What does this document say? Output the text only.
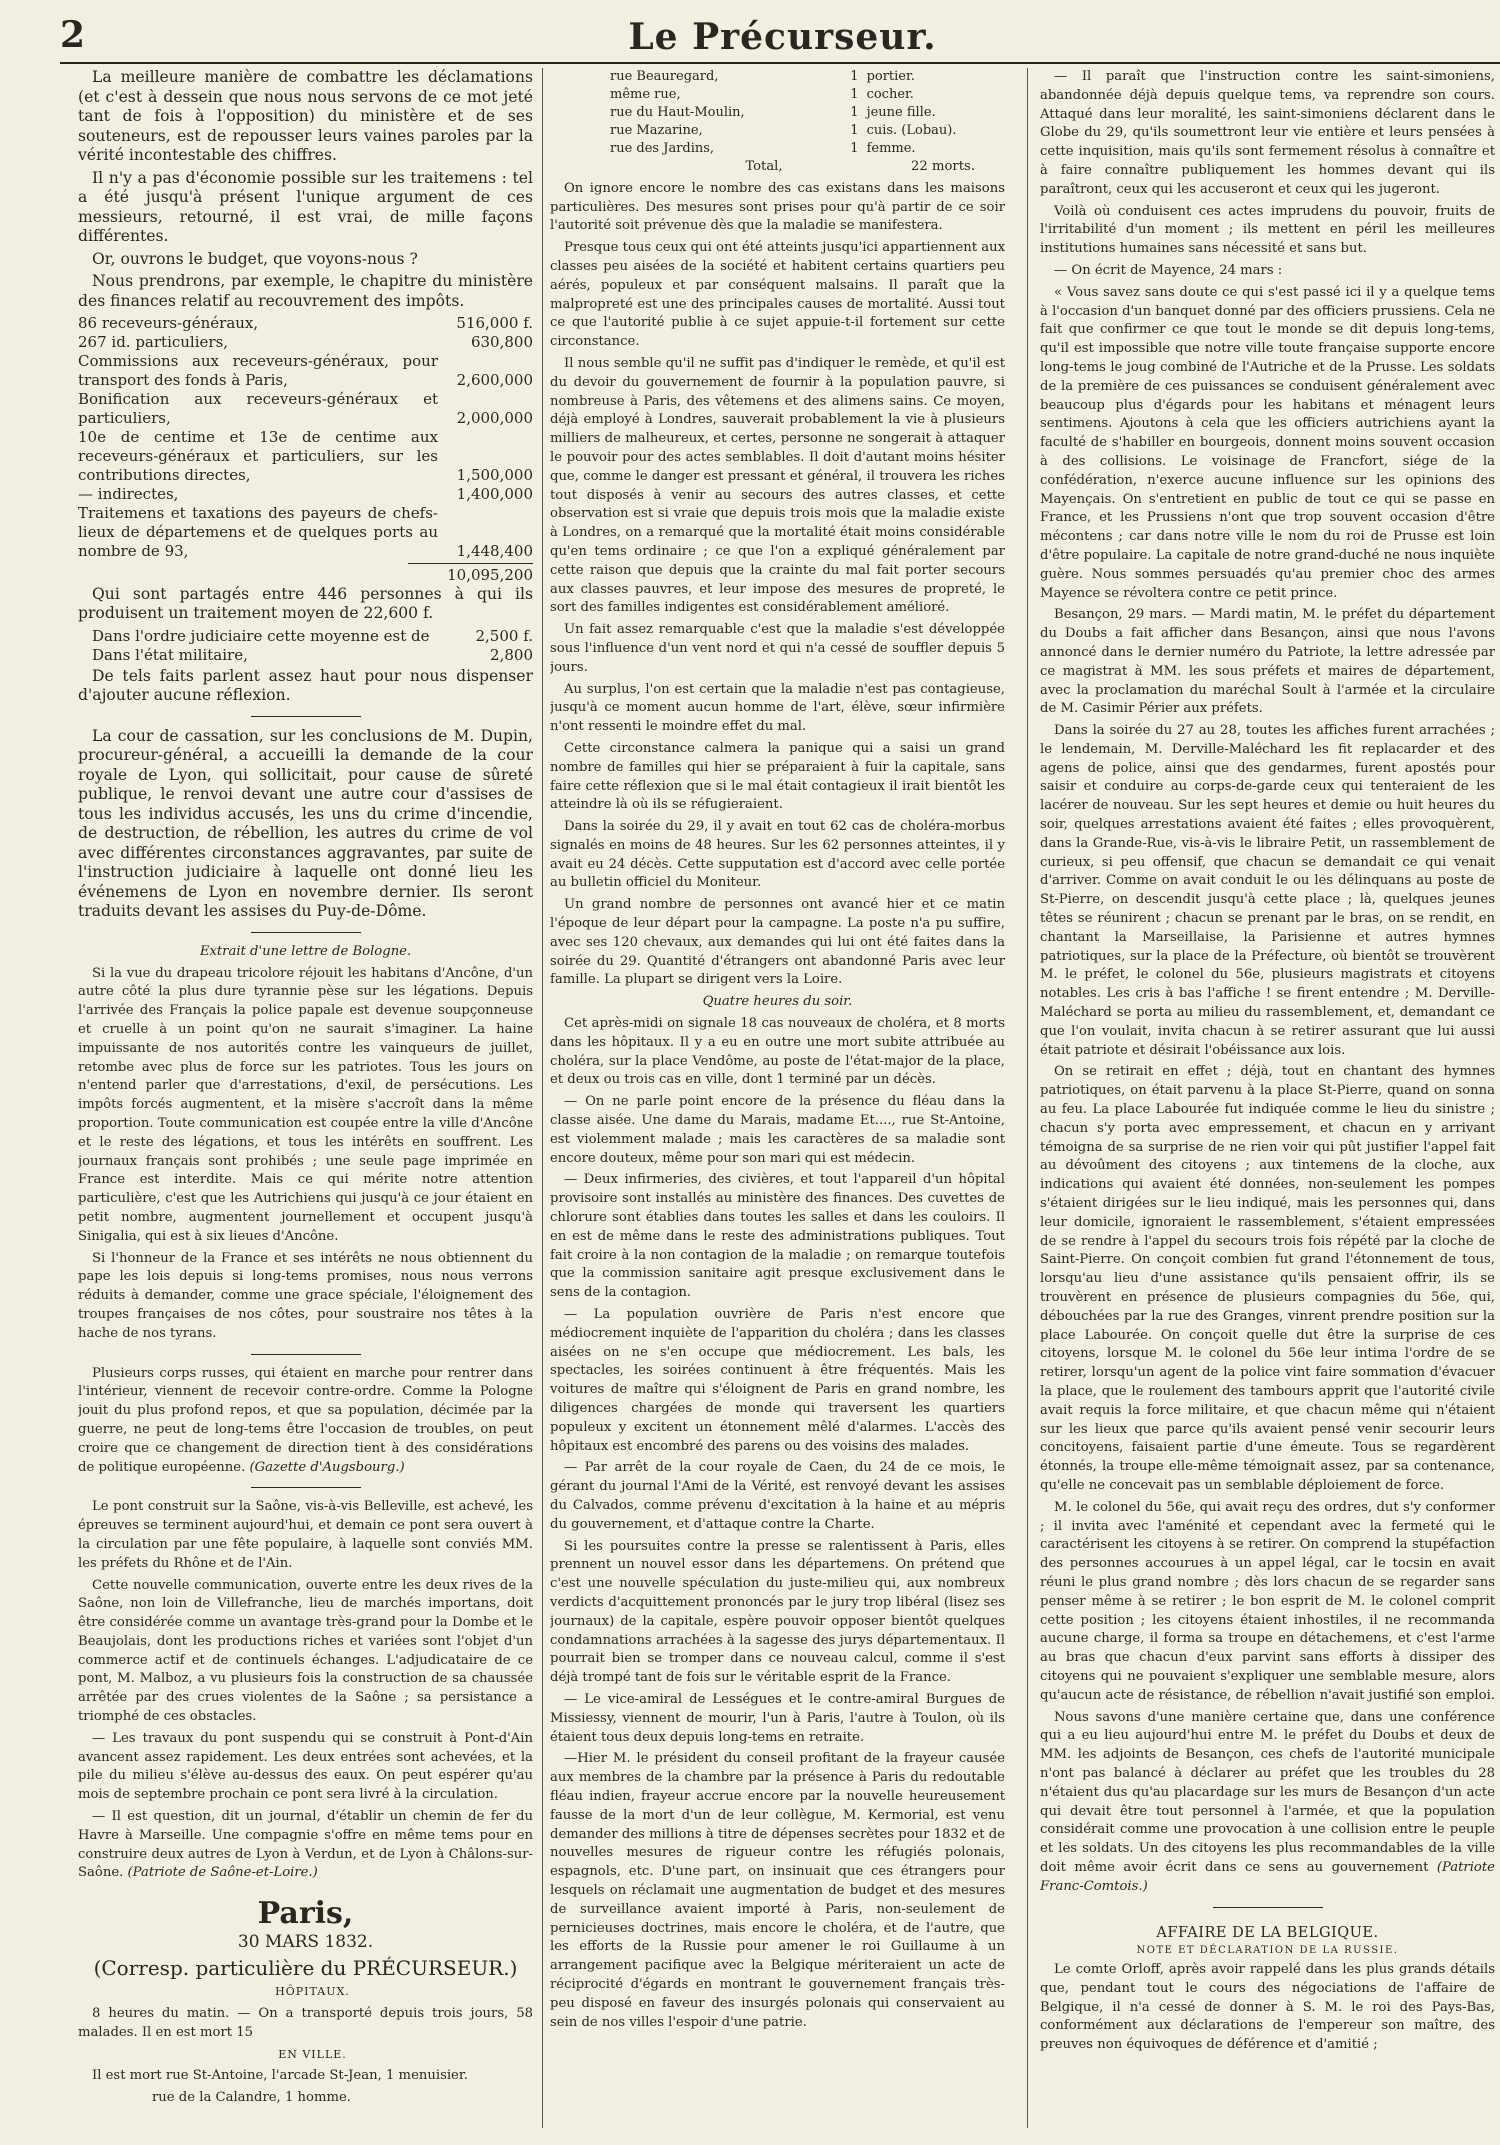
2	Le Précurseur.

La meilleure manière de combattre les déclamations (et c'est à dessein que nous nous servons de ce mot jeté tant de fois à l'opposition) du ministère et de ses souteneurs, est de repousser leurs vaines paroles par la vérité incontestable des chiffres.

Il n'y a pas d'économie possible sur les traitemens : tel a été jusqu'à présent l'unique argument de ces messieurs, retourné, il est vrai, de mille façons différentes.

Or, ouvrons le budget, que voyons-nous ?

Nous prendrons, par exemple, le chapitre du ministère des finances relatif au recouvrement des impôts.

86 receveurs-généraux,	516,000 f.
267 id. particuliers,	630,800
Commissions aux receveurs-généraux, pour transport des fonds à Paris,	2,600,000
Bonification aux receveurs-généraux et particuliers,	2,000,000
10e de centime et 13e de centime aux receveurs-généraux et particuliers, sur les contributions directes,	1,500,000
— indirectes,	1,400,000
Traitemens et taxations des payeurs de chefs-lieux de départemens et de quelques ports au nombre de 93,	1,448,400
10,095,200

Qui sont partagés entre 446 personnes à qui ils produisent un traitement moyen de 22,600 f.

Dans l'ordre judiciaire cette moyenne est de	2,500 f.
Dans l'état militaire,	2,800

De tels faits parlent assez haut pour nous dispenser d'ajouter aucune réflexion.

La cour de cassation, sur les conclusions de M. Dupin, procureur-général, a accueilli la demande de la cour royale de Lyon, qui sollicitait, pour cause de sûreté publique, le renvoi devant une autre cour d'assises de tous les individus accusés, les uns du crime d'incendie, de destruction, de rébellion, les autres du crime de vol avec différentes circonstances aggravantes, par suite de l'instruction judiciaire à laquelle ont donné lieu les événemens de Lyon en novembre dernier. Ils seront traduits devant les assises du Puy-de-Dôme.

Extrait d'une lettre de Bologne.

Si la vue du drapeau tricolore réjouit les habitans d'Ancône, d'un autre côté la plus dure tyrannie pèse sur les légations. Depuis l'arrivée des Français la police papale est devenue soupçonneuse et cruelle à un point qu'on ne saurait s'imaginer. La haine impuissante de nos autorités contre les vainqueurs de juillet, retombe avec plus de force sur les patriotes. Tous les jours on n'entend parler que d'arrestations, d'exil, de persécutions. Les impôts forcés augmentent, et la misère s'accroît dans la même proportion. Toute communication est coupée entre la ville d'Ancône et le reste des légations, et tous les intérêts en souffrent. Les journaux français sont prohibés ; une seule page imprimée en France est interdite. Mais ce qui mérite notre attention particulière, c'est que les Autrichiens qui jusqu'à ce jour étaient en petit nombre, augmentent journellement et occupent jusqu'à Sinigalia, qui est à six lieues d'Ancône.

Si l'honneur de la France et ses intérêts ne nous obtiennent du pape les lois depuis si long-tems promises, nous nous verrons réduits à demander, comme une grace spéciale, l'éloignement des troupes françaises de nos côtes, pour soustraire nos têtes à la hache de nos tyrans.

Plusieurs corps russes, qui étaient en marche pour rentrer dans l'intérieur, viennent de recevoir contre-ordre. Comme la Pologne jouit du plus profond repos, et que sa population, décimée par la guerre, ne peut de long-tems être l'occasion de troubles, on peut croire que ce changement de direction tient à des considérations de politique européenne. (Gazette d'Augsbourg.)

Le pont construit sur la Saône, vis-à-vis Belleville, est achevé, les épreuves se terminent aujourd'hui, et demain ce pont sera ouvert à la circulation par une fête populaire, à laquelle sont conviés MM. les préfets du Rhône et de l'Ain.

Cette nouvelle communication, ouverte entre les deux rives de la Saône, non loin de Villefranche, lieu de marchés importans, doit être considérée comme un avantage très-grand pour la Dombe et le Beaujolais, dont les productions riches et variées sont l'objet d'un commerce actif et de continuels échanges. L'adjudicataire de ce pont, M. Malboz, a vu plusieurs fois la construction de sa chaussée arrêtée par des crues violentes de la Saône ; sa persistance a triomphé de ces obstacles.

— Les travaux du pont suspendu qui se construit à Pont-d'Ain avancent assez rapidement. Les deux entrées sont achevées, et la pile du milieu s'élève au-dessus des eaux. On peut espérer qu'au mois de septembre prochain ce pont sera livré à la circulation.

— Il est question, dit un journal, d'établir un chemin de fer du Havre à Marseille. Une compagnie s'offre en même tems pour en construire deux autres de Lyon à Verdun, et de Lyon à Châlons-sur-Saône. (Patriote de Saône-et-Loire.)

Paris,
30 MARS 1832.
(Corresp. particulière du PRÉCURSEUR.)

HÔPITAUX.

8 heures du matin. — On a transporté depuis trois jours, 58 malades. Il en est mort 15

EN VILLE.

Il est mort rue St-Antoine, l'arcade St-Jean, 1 menuisier.

rue de la Calandre, 1 homme.

rue Beauregard,	1	portier.
même rue,	1	cocher.
rue du Haut-Moulin,	1	jeune fille.
rue Mazarine,	1	cuis. (Lobau).
rue des Jardins,	1	femme.

Total,	22 morts.

On ignore encore le nombre des cas existans dans les maisons particulières. Des mesures sont prises pour qu'à partir de ce soir l'autorité soit prévenue dès que la maladie se manifestera.

Presque tous ceux qui ont été atteints jusqu'ici appartiennent aux classes peu aisées de la société et habitent certains quartiers peu aérés, populeux et par conséquent malsains. Il paraît que la malpropreté est une des principales causes de mortalité. Aussi tout ce que l'autorité publie à ce sujet appuie-t-il fortement sur cette circonstance.

Il nous semble qu'il ne suffit pas d'indiquer le remède, et qu'il est du devoir du gouvernement de fournir à la population pauvre, si nombreuse à Paris, des vêtemens et des alimens sains. Ce moyen, déjà employé à Londres, sauverait probablement la vie à plusieurs milliers de malheureux, et certes, personne ne songerait à attaquer le pouvoir pour des actes semblables. Il doit d'autant moins hésiter que, comme le danger est pressant et général, il trouvera les riches tout disposés à venir au secours des autres classes, et cette observation est si vraie que depuis trois mois que la maladie existe à Londres, on a remarqué que la mortalité était moins considérable qu'en tems ordinaire ; ce que l'on a expliqué généralement par cette raison que depuis que la crainte du mal fait porter secours aux classes pauvres, et leur impose des mesures de propreté, le sort des familles indigentes est considérablement amélioré.

Un fait assez remarquable c'est que la maladie s'est développée sous l'influence d'un vent nord et qui n'a cessé de souffler depuis 5 jours.

Au surplus, l'on est certain que la maladie n'est pas contagieuse, jusqu'à ce moment aucun homme de l'art, élève, sœur infirmière n'ont ressenti le moindre effet du mal.

Cette circonstance calmera la panique qui a saisi un grand nombre de familles qui hier se préparaient à fuir la capitale, sans faire cette réflexion que si le mal était contagieux il irait bientôt les atteindre là où ils se réfugieraient.

Dans la soirée du 29, il y avait en tout 62 cas de choléra-morbus signalés en moins de 48 heures. Sur les 62 personnes atteintes, il y avait eu 24 décès. Cette supputation est d'accord avec celle portée au bulletin officiel du Moniteur.

Un grand nombre de personnes ont avancé hier et ce matin l'époque de leur départ pour la campagne. La poste n'a pu suffire, avec ses 120 chevaux, aux demandes qui lui ont été faites dans la soirée du 29. Quantité d'étrangers ont abandonné Paris avec leur famille. La plupart se dirigent vers la Loire.

Quatre heures du soir.

Cet après-midi on signale 18 cas nouveaux de choléra, et 8 morts dans les hôpitaux. Il y a eu en outre une mort subite attribuée au choléra, sur la place Vendôme, au poste de l'état-major de la place, et deux ou trois cas en ville, dont 1 terminé par un décès.

— On ne parle point encore de la présence du fléau dans la classe aisée. Une dame du Marais, madame Et...., rue St-Antoine, est violemment malade ; mais les caractères de sa maladie sont encore douteux, même pour son mari qui est médecin.

— Deux infirmeries, des civières, et tout l'appareil d'un hôpital provisoire sont installés au ministère des finances. Des cuvettes de chlorure sont établies dans toutes les salles et dans les couloirs. Il en est de même dans le reste des administrations publiques. Tout fait croire à la non contagion de la maladie ; on remarque toutefois que la commission sanitaire agit presque exclusivement dans le sens de la contagion.

— La population ouvrière de Paris n'est encore que médiocrement inquiète de l'apparition du choléra ; dans les classes aisées on ne s'en occupe que médiocrement. Les bals, les spectacles, les soirées continuent à être fréquentés. Mais les voitures de maître qui s'éloignent de Paris en grand nombre, les diligences chargées de monde qui traversent les quartiers populeux y excitent un étonnement mêlé d'alarmes. L'accès des hôpitaux est encombré des parens ou des voisins des malades.

— Par arrêt de la cour royale de Caen, du 24 de ce mois, le gérant du journal l'Ami de la Vérité, est renvoyé devant les assises du Calvados, comme prévenu d'excitation à la haine et au mépris du gouvernement, et d'attaque contre la Charte.

Si les poursuites contre la presse se ralentissent à Paris, elles prennent un nouvel essor dans les départemens. On prétend que c'est une nouvelle spéculation du juste-milieu qui, aux nombreux verdicts d'acquittement prononcés par le jury trop libéral (lisez ses journaux) de la capitale, espère pouvoir opposer bientôt quelques condamnations arrachées à la sagesse des jurys départementaux. Il pourrait bien se tromper dans ce nouveau calcul, comme il s'est déjà trompé tant de fois sur le véritable esprit de la France.

— Le vice-amiral de Lességues et le contre-amiral Burgues de Missiessy, viennent de mourir, l'un à Paris, l'autre à Toulon, où ils étaient tous deux depuis long-tems en retraite.

—Hier M. le président du conseil profitant de la frayeur causée aux membres de la chambre par la présence à Paris du redoutable fléau indien, frayeur accrue encore par la nouvelle heureusement fausse de la mort d'un de leur collègue, M. Kermorial, est venu demander des millions à titre de dépenses secrètes pour 1832 et de nouvelles mesures de rigueur contre les réfugiés polonais, espagnols, etc. D'une part, on insinuait que ces étrangers pour lesquels on réclamait une augmentation de budget et des mesures de surveillance avaient importé à Paris, non-seulement de pernicieuses doctrines, mais encore le choléra, et de l'autre, que les efforts de la Russie pour amener le roi Guillaume à un arrangement pacifique avec la Belgique mériteraient un acte de réciprocité d'égards en montrant le gouvernement français très-peu disposé en faveur des insurgés polonais qui conservaient au sein de nos villes l'espoir d'une patrie.

— Il paraît que l'instruction contre les saint-simoniens, abandonnée déjà depuis quelque tems, va reprendre son cours. Attaqué dans leur moralité, les saint-simoniens déclarent dans le Globe du 29, qu'ils soumettront leur vie entière et leurs pensées à cette inquisition, mais qu'ils sont fermement résolus à connaître et à faire connaître publiquement les hommes devant qui ils paraîtront, ceux qui les accuseront et ceux qui les jugeront.

Voilà où conduisent ces actes imprudens du pouvoir, fruits de l'irritabilité d'un moment ; ils mettent en péril les meilleures institutions humaines sans nécessité et sans but.

— On écrit de Mayence, 24 mars :

« Vous savez sans doute ce qui s'est passé ici il y a quelque tems à l'occasion d'un banquet donné par des officiers prussiens. Cela ne fait que confirmer ce que tout le monde se dit depuis long-tems, qu'il est impossible que notre ville toute française supporte encore long-tems le joug combiné de l'Autriche et de la Prusse. Les soldats de la première de ces puissances se conduisent généralement avec beaucoup plus d'égards pour les habitans et ménagent leurs sentimens. Ajoutons à cela que les officiers autrichiens ayant la faculté de s'habiller en bourgeois, donnent moins souvent occasion à des collisions. Le voisinage de Francfort, siége de la confédération, n'exerce aucune influence sur les opinions des Mayençais. On s'entretient en public de tout ce qui se passe en France, et les Prussiens n'ont que trop souvent occasion d'être mécontens ; car dans notre ville le nom du roi de Prusse est loin d'être populaire. La capitale de notre grand-duché ne nous inquiète guère. Nous sommes persuadés qu'au premier choc des armes Mayence se révoltera contre ce petit prince.

Besançon, 29 mars. — Mardi matin, M. le préfet du département du Doubs a fait afficher dans Besançon, ainsi que nous l'avons annoncé dans le dernier numéro du Patriote, la lettre adressée par ce magistrat à MM. les sous préfets et maires de département, avec la proclamation du maréchal Soult à l'armée et la circulaire de M. Casimir Périer aux préfets.

Dans la soirée du 27 au 28, toutes les affiches furent arrachées ; le lendemain, M. Derville-Maléchard les fit replacarder et des agens de police, ainsi que des gendarmes, furent apostés pour saisir et conduire au corps-de-garde ceux qui tenteraient de les lacérer de nouveau. Sur les sept heures et demie ou huit heures du soir, quelques arrestations avaient été faites ; elles provoquèrent, dans la Grande-Rue, vis-à-vis le libraire Petit, un rassemblement de curieux, si peu offensif, que chacun se demandait ce qui venait d'arriver. Comme on avait conduit le ou les délinquans au poste de St-Pierre, on descendit jusqu'à cette place ; là, quelques jeunes têtes se réunirent ; chacun se prenant par le bras, on se rendit, en chantant la Marseillaise, la Parisienne et autres hymnes patriotiques, sur la place de la Préfecture, où bientôt se trouvèrent M. le préfet, le colonel du 56e, plusieurs magistrats et citoyens notables. Les cris à bas l'affiche ! se firent entendre ; M. Derville-Maléchard se porta au milieu du rassemblement, et, demandant ce que l'on voulait, invita chacun à se retirer assurant que lui aussi était patriote et désirait l'obéissance aux lois.

On se retirait en effet ; déjà, tout en chantant des hymnes patriotiques, on était parvenu à la place St-Pierre, quand on sonna au feu. La place Labourée fut indiquée comme le lieu du sinistre ; chacun s'y porta avec empressement, et chacun en y arrivant témoigna de sa surprise de ne rien voir qui pût justifier l'appel fait au dévoûment des citoyens ; aux tintemens de la cloche, aux indications qui avaient été données, non-seulement les pompes s'étaient dirigées sur le lieu indiqué, mais les personnes qui, dans leur domicile, ignoraient le rassemblement, s'étaient empressées de se rendre à l'appel du secours trois fois répété par la cloche de Saint-Pierre. On conçoit combien fut grand l'étonnement de tous, lorsqu'au lieu d'une assistance qu'ils pensaient offrir, ils se trouvèrent en présence de plusieurs compagnies du 56e, qui, débouchées par la rue des Granges, vinrent prendre position sur la place Labourée. On conçoit quelle dut être la surprise de ces citoyens, lorsque M. le colonel du 56e leur intima l'ordre de se retirer, lorsqu'un agent de la police vint faire sommation d'évacuer la place, que le roulement des tambours apprit que l'autorité civile avait requis la force militaire, et que chacun même qui n'étaient sur les lieux que parce qu'ils avaient pensé venir secourir leurs concitoyens, faisaient partie d'une émeute. Tous se regardèrent étonnés, la troupe elle-même témoignait assez, par sa contenance, qu'elle ne concevait pas un semblable déploiement de force.

M. le colonel du 56e, qui avait reçu des ordres, dut s'y conformer ; il invita avec l'aménité et cependant avec la fermeté qui le caractérisent les citoyens à se retirer. On comprend la stupéfaction des personnes accourues à un appel légal, car le tocsin en avait réuni le plus grand nombre ; dès lors chacun de se regarder sans penser même à se retirer ; le bon esprit de M. le colonel comprit cette position ; les citoyens étaient inhostiles, il ne recommanda aucune charge, il forma sa troupe en détachemens, et c'est l'arme au bras que chacun d'eux parvint sans efforts à dissiper des citoyens qui ne pouvaient s'expliquer une semblable mesure, alors qu'aucun acte de résistance, de rébellion n'avait justifié son emploi.

Nous savons d'une manière certaine que, dans une conférence qui a eu lieu aujourd'hui entre M. le préfet du Doubs et deux de MM. les adjoints de Besançon, ces chefs de l'autorité municipale n'ont pas balancé à déclarer au préfet que les troubles du 28 n'étaient dus qu'au placardage sur les murs de Besançon d'un acte qui devait être tout personnel à l'armée, et que la population considérait comme une provocation à une collision entre le peuple et les soldats. Un des citoyens les plus recommandables de la ville doit même avoir écrit dans ce sens au gouvernement (Patriote Franc-Comtois.)

AFFAIRE DE LA BELGIQUE.
NOTE ET DÉCLARATION DE LA RUSSIE.

Le comte Orloff, après avoir rappelé dans les plus grands détails que, pendant tout le cours des négociations de l'affaire de Belgique, il n'a cessé de donner à S. M. le roi des Pays-Bas, conformément aux déclarations de l'empereur son maître, des preuves non équivoques de déférence et d'amitié ;
